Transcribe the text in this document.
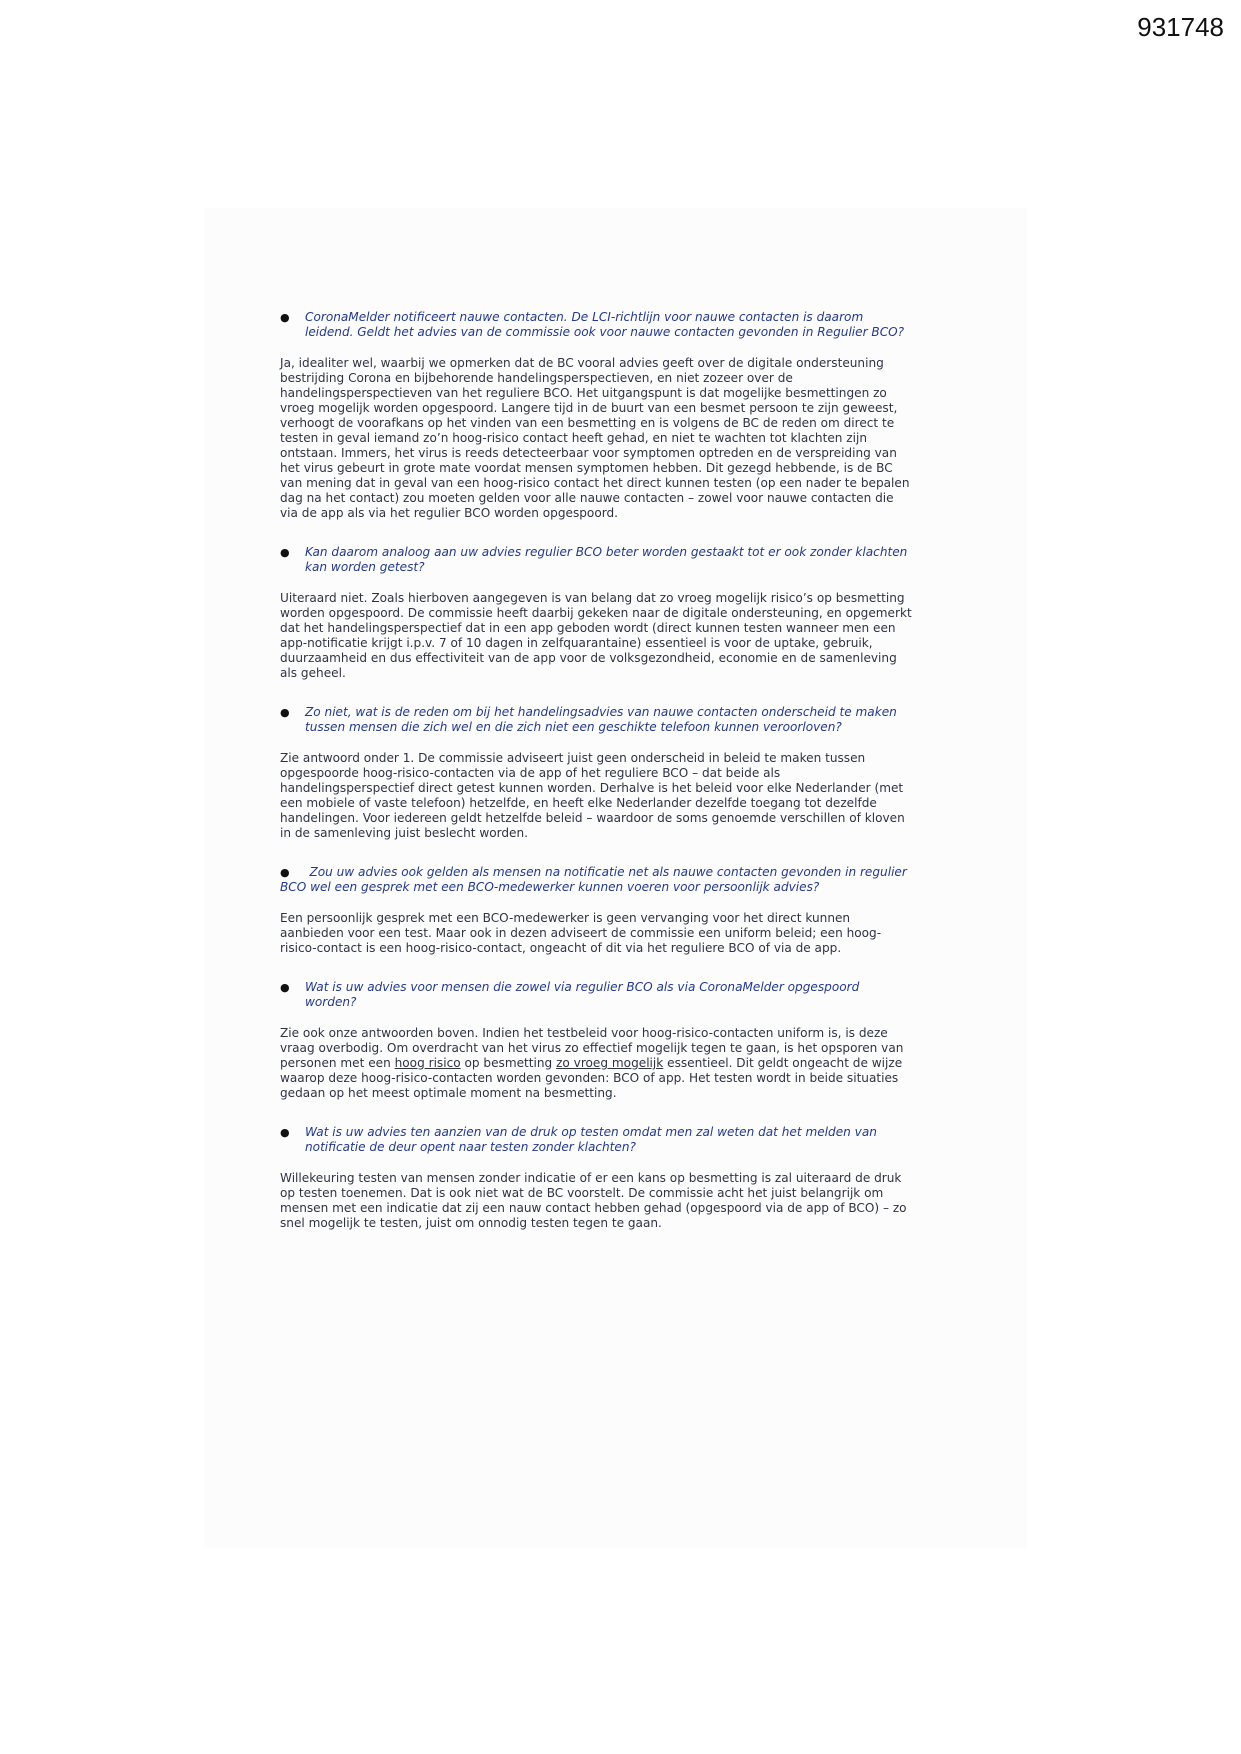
931748
● CoronaMelder notificeert nauwe contacten. De LCI-richtlijn voor nauwe contacten is daarom
leidend. Geldt het advies van de commissie ook voor nauwe contacten gevonden in Regulier BCO?
Ja, idealiter wel, waarbij we opmerken dat de BC vooral advies geeft over de digitale ondersteuning
bestrijding Corona en bijbehorende handelingsperspectieven, en niet zozeer over de
handelingsperspectieven van het reguliere BCO. Het uitgangspunt is dat mogelijke besmettingen zo
vroeg mogelijk worden opgespoord. Langere tijd in de buurt van een besmet persoon te zijn geweest,
verhoogt de voorafkans op het vinden van een besmetting en is volgens de BC de reden om direct te
testen in geval iemand zo’n hoog-risico contact heeft gehad, en niet te wachten tot klachten zijn
ontstaan. Immers, het virus is reeds detecteerbaar voor symptomen optreden en de verspreiding van
het virus gebeurt in grote mate voordat mensen symptomen hebben. Dit gezegd hebbende, is de BC
van mening dat in geval van een hoog-risico contact het direct kunnen testen (op een nader te bepalen
dag na het contact) zou moeten gelden voor alle nauwe contacten – zowel voor nauwe contacten die
via de app als via het regulier BCO worden opgespoord.
● Kan daarom analoog aan uw advies regulier BCO beter worden gestaakt tot er ook zonder klachten
kan worden getest?
Uiteraard niet. Zoals hierboven aangegeven is van belang dat zo vroeg mogelijk risico’s op besmetting
worden opgespoord. De commissie heeft daarbij gekeken naar de digitale ondersteuning, en opgemerkt
dat het handelingsperspectief dat in een app geboden wordt (direct kunnen testen wanneer men een
app-notificatie krijgt i.p.v. 7 of 10 dagen in zelfquarantaine) essentieel is voor de uptake, gebruik,
duurzaamheid en dus effectiviteit van de app voor de volksgezondheid, economie en de samenleving
als geheel.
● Zo niet, wat is de reden om bij het handelingsadvies van nauwe contacten onderscheid te maken
tussen mensen die zich wel en die zich niet een geschikte telefoon kunnen veroorloven?
Zie antwoord onder 1. De commissie adviseert juist geen onderscheid in beleid te maken tussen
opgespoorde hoog-risico-contacten via de app of het reguliere BCO – dat beide als
handelingsperspectief direct getest kunnen worden. Derhalve is het beleid voor elke Nederlander (met
een mobiele of vaste telefoon) hetzelfde, en heeft elke Nederlander dezelfde toegang tot dezelfde
handelingen. Voor iedereen geldt hetzelfde beleid – waardoor de soms genoemde verschillen of kloven
in de samenleving juist beslecht worden.
● Zou uw advies ook gelden als mensen na notificatie net als nauwe contacten gevonden in regulier
BCO wel een gesprek met een BCO-medewerker kunnen voeren voor persoonlijk advies?
Een persoonlijk gesprek met een BCO-medewerker is geen vervanging voor het direct kunnen
aanbieden voor een test. Maar ook in dezen adviseert de commissie een uniform beleid; een hoog-
risico-contact is een hoog-risico-contact, ongeacht of dit via het reguliere BCO of via de app.
● Wat is uw advies voor mensen die zowel via regulier BCO als via CoronaMelder opgespoord
worden?
Zie ook onze antwoorden boven. Indien het testbeleid voor hoog-risico-contacten uniform is, is deze
vraag overbodig. Om overdracht van het virus zo effectief mogelijk tegen te gaan, is het opsporen van
personen met een hoog risico op besmetting zo vroeg mogelijk essentieel. Dit geldt ongeacht de wijze
waarop deze hoog-risico-contacten worden gevonden: BCO of app. Het testen wordt in beide situaties
gedaan op het meest optimale moment na besmetting.
● Wat is uw advies ten aanzien van de druk op testen omdat men zal weten dat het melden van
notificatie de deur opent naar testen zonder klachten?
Willekeuring testen van mensen zonder indicatie of er een kans op besmetting is zal uiteraard de druk
op testen toenemen. Dat is ook niet wat de BC voorstelt. De commissie acht het juist belangrijk om
mensen met een indicatie dat zij een nauw contact hebben gehad (opgespoord via de app of BCO) – zo
snel mogelijk te testen, juist om onnodig testen tegen te gaan.
